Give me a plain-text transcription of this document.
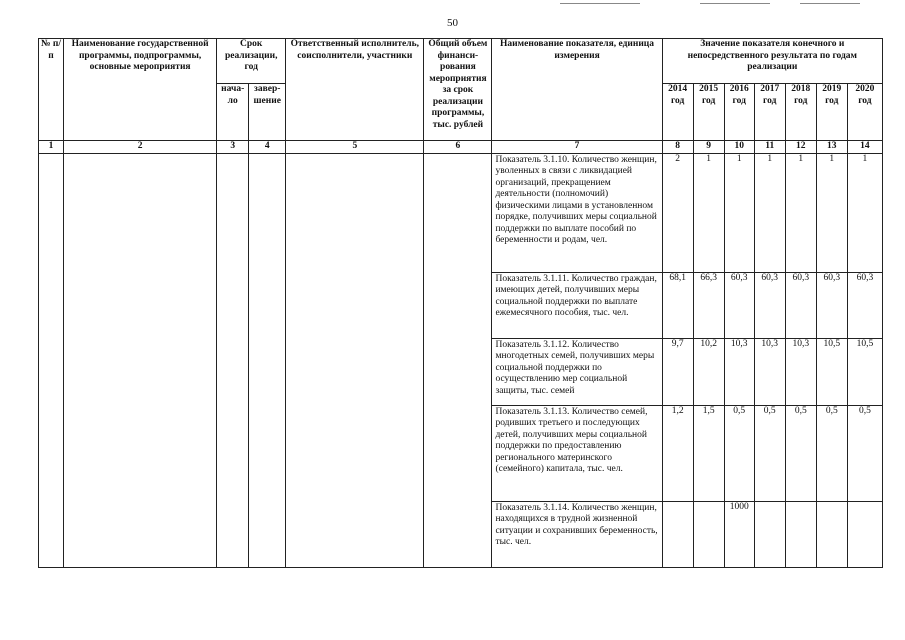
50
№ п/п	Наименование государственной программы, подпрограммы, основные мероприятия	Срок реализации, год		Ответственный исполнитель, соисполнители, участники	Общий объем финанси-рования мероприятия за срок реализации программы, тыс. рублей	Наименование показателя, единица измерения	Значение показателя конечного и непосредственного результата по годам реализации						
		нача-ло	завер-шение				2014 год	2015 год	2016 год	2017 год	2018 год	2019 год	2020 год
1	2	3	4	5	6	7	8	9	10	11	12	13	14
						Показатель 3.1.10. Количество женщин, уволенных в связи с ликвидацией организаций, прекращением деятельности (полномочий) физическими лицами в установленном порядке, получивших меры социальной поддержки по выплате пособий по беременности и родам, чел.	2	1	1	1	1	1	1
						Показатель 3.1.11. Количество граждан, имеющих детей, получивших меры социальной поддержки по выплате ежемесячного пособия, тыс. чел.	68,1	66,3	60,3	60,3	60,3	60,3	60,3
						Показатель 3.1.12. Количество многодетных семей, получивших меры социальной поддержки по осуществлению мер социальной защиты, тыс. семей	9,7	10,2	10,3	10,3	10,3	10,5	10,5
						Показатель 3.1.13. Количество семей, родивших третьего и последующих детей, получивших меры социальной поддержки по предоставлению регионального материнского (семейного) капитала, тыс. чел.	1,2	1,5	0,5	0,5	0,5	0,5	0,5
						Показатель 3.1.14. Количество женщин, находящихся в трудной жизненной ситуации и сохранивших беременность, тыс. чел.			1000				
